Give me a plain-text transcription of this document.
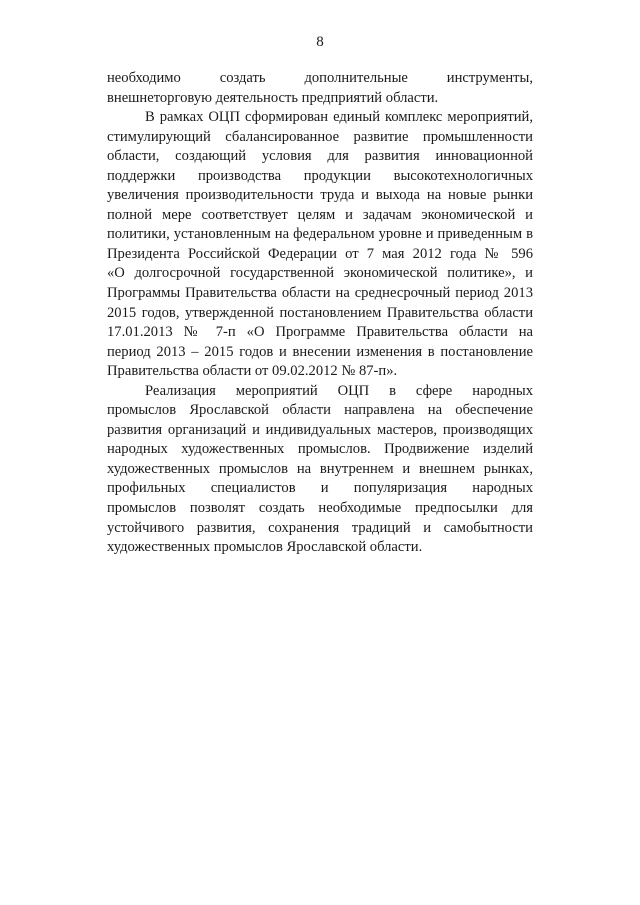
8
необходимо создать дополнительные инструменты,
внешнеторговую деятельность предприятий области.
В рамках ОЦП сформирован единый комплекс мероприятий,
стимулирующий сбалансированное развитие промышленности
области, создающий условия для развития инновационной
поддержки производства продукции высокотехнологичных
увеличения производительности труда и выхода на новые рынки
полной мере соответствует целям и задачам экономической и
политики, установленным на федеральном уровне и приведенным в
Президента Российской Федерации от 7 мая 2012 года № 596
«О долгосрочной государственной экономической политике», и
Программы Правительства области на среднесрочный период 2013
2015 годов, утвержденной постановлением Правительства области
17.01.2013 № 7-п «О Программе Правительства области на
период 2013 – 2015 годов и внесении изменения в постановление
Правительства области от 09.02.2012 № 87-п».
Реализация мероприятий ОЦП в сфере народных
промыслов Ярославской области направлена на обеспечение
развития организаций и индивидуальных мастеров, производящих
народных художественных промыслов. Продвижение изделий
художественных промыслов на внутреннем и внешнем рынках,
профильных специалистов и популяризация народных
промыслов позволят создать необходимые предпосылки для
устойчивого развития, сохранения традиций и самобытности
художественных промыслов Ярославской области.
